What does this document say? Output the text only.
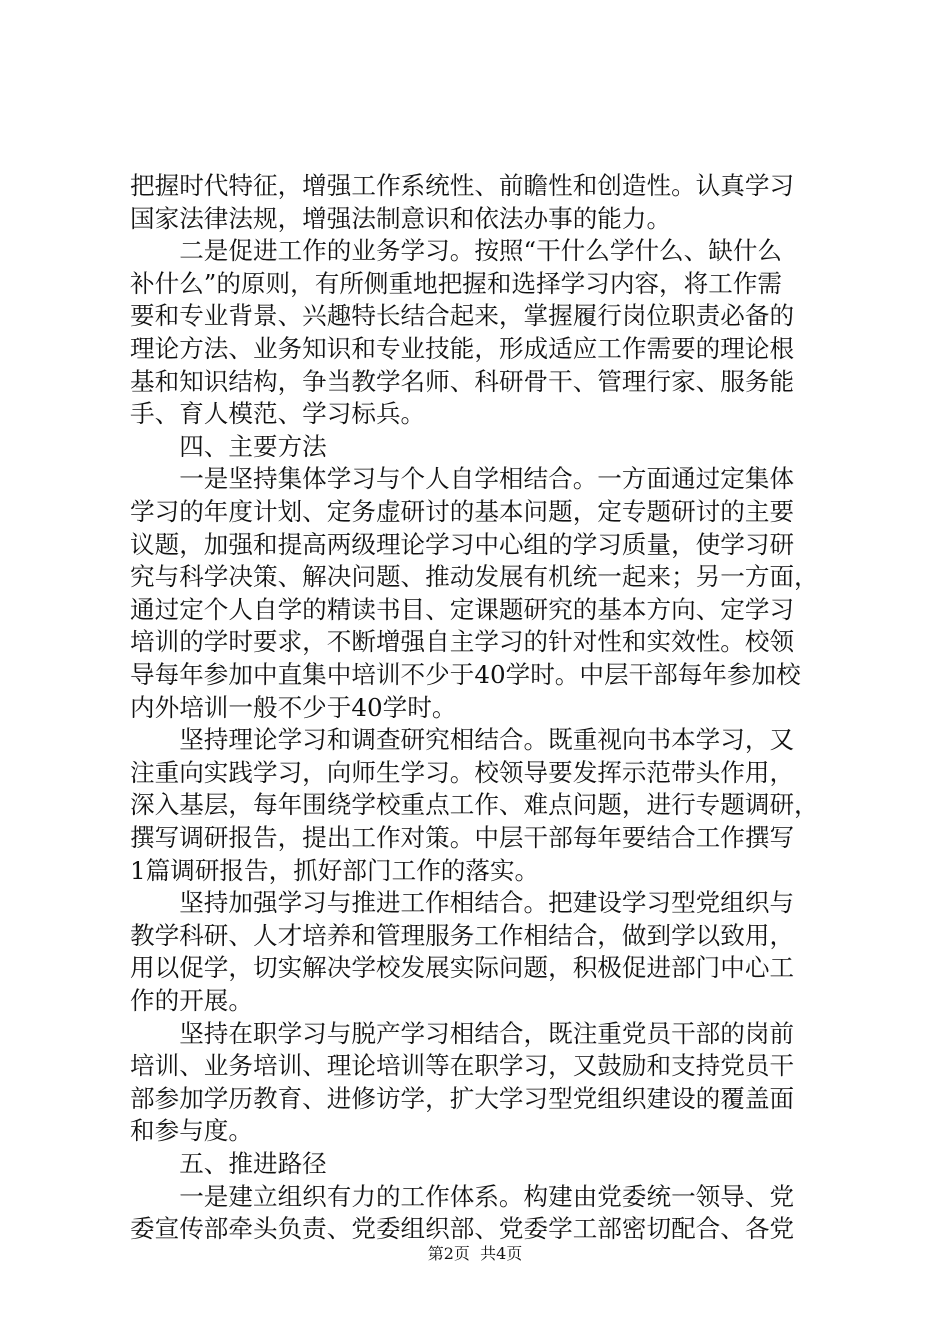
把握时代特征，增强工作系统性、前瞻性和创造性。认真学习
国家法律法规，增强法制意识和依法办事的能力。
　　二是促进工作的业务学习。按照“干什么学什么、缺什么
补什么”的原则，有所侧重地把握和选择学习内容，将工作需
要和专业背景、兴趣特长结合起来，掌握履行岗位职责必备的
理论方法、业务知识和专业技能，形成适应工作需要的理论根
基和知识结构，争当教学名师、科研骨干、管理行家、服务能
手、育人模范、学习标兵。
　　四、主要方法
　　一是坚持集体学习与个人自学相结合。一方面通过定集体
学习的年度计划、定务虚研讨的基本问题，定专题研讨的主要
议题，加强和提高两级理论学习中心组的学习质量，使学习研
究与科学决策、解决问题、推动发展有机统一起来；另一方面，
通过定个人自学的精读书目、定课题研究的基本方向、定学习
培训的学时要求，不断增强自主学习的针对性和实效性。校领
导每年参加中直集中培训不少于40学时。中层干部每年参加校
内外培训一般不少于40学时。
　　坚持理论学习和调查研究相结合。既重视向书本学习，又
注重向实践学习，向师生学习。校领导要发挥示范带头作用，
深入基层，每年围绕学校重点工作、难点问题，进行专题调研，
撰写调研报告，提出工作对策。中层干部每年要结合工作撰写
1篇调研报告，抓好部门工作的落实。
　　坚持加强学习与推进工作相结合。把建设学习型党组织与
教学科研、人才培养和管理服务工作相结合，做到学以致用，
用以促学，切实解决学校发展实际问题，积极促进部门中心工
作的开展。
　　坚持在职学习与脱产学习相结合，既注重党员干部的岗前
培训、业务培训、理论培训等在职学习，又鼓励和支持党员干
部参加学历教育、进修访学，扩大学习型党组织建设的覆盖面
和参与度。
　　五、推进路径
　　一是建立组织有力的工作体系。构建由党委统一领导、党
委宣传部牵头负责、党委组织部、党委学工部密切配合、各党
第2页  共4页
